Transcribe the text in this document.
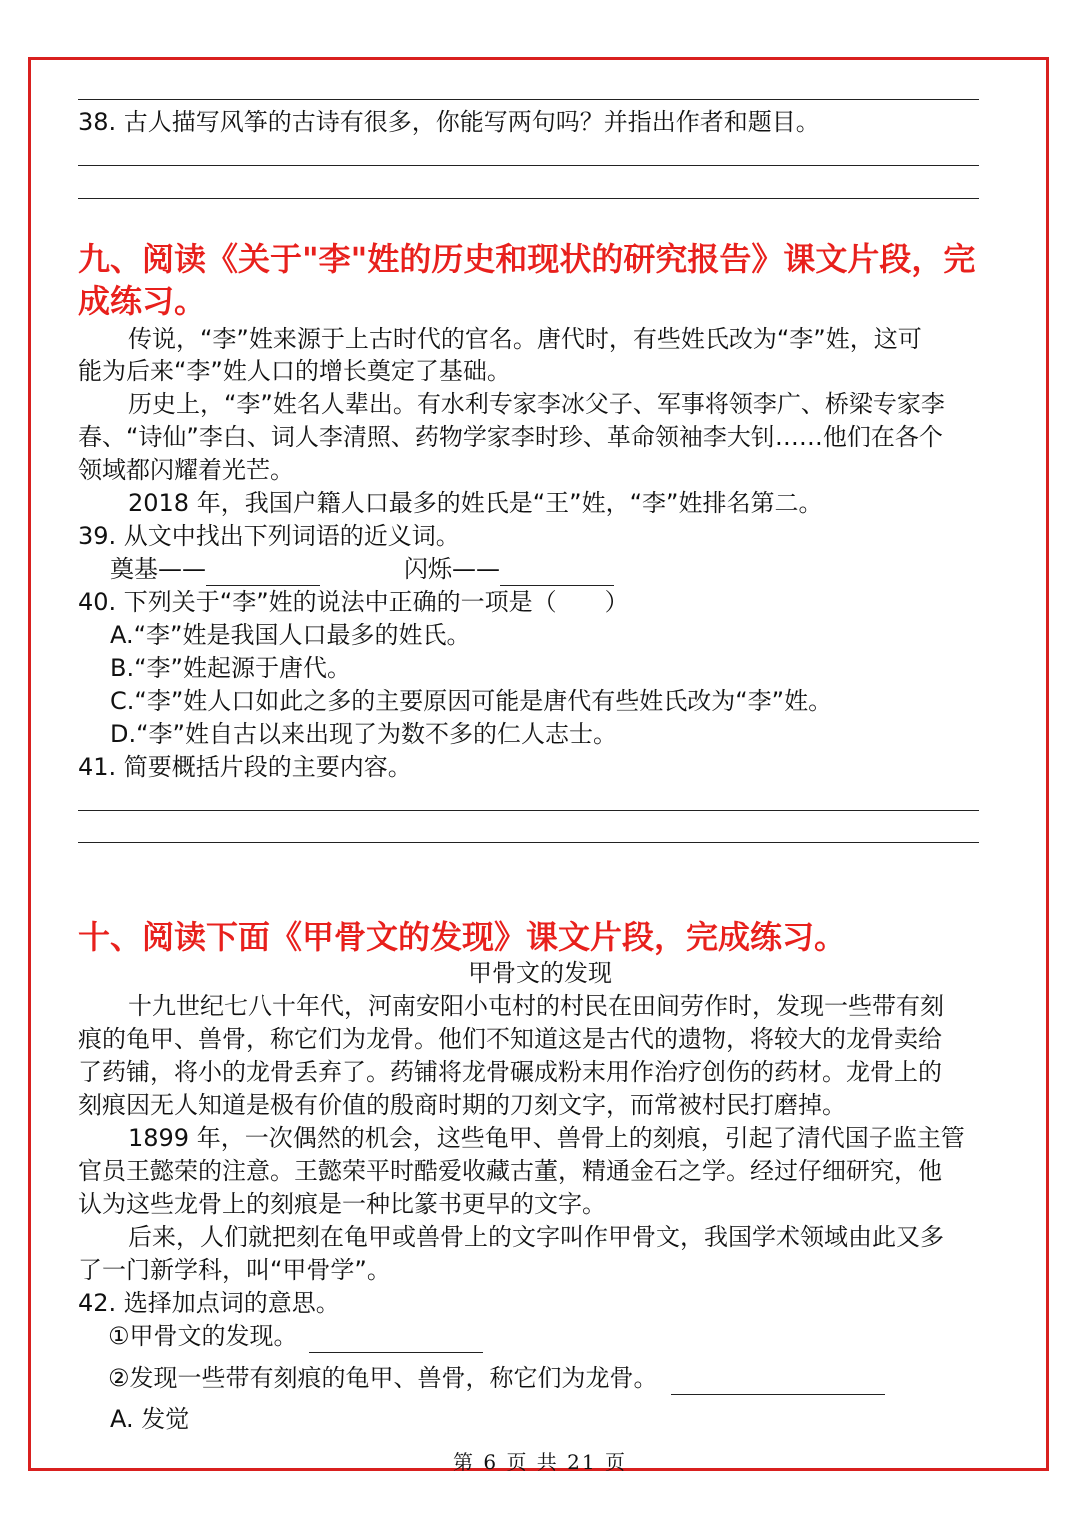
38. 古人描写风筝的古诗有很多，你能写两句吗？并指出作者和题目。
九、阅读《关于"李"姓的历史和现状的研究报告》课文片段，完
成练习。
传说，“李”姓来源于上古时代的官名。唐代时，有些姓氏改为“李”姓，这可
能为后来“李”姓人口的增长奠定了基础。
历史上，“李”姓名人辈出。有水利专家李冰父子、军事将领李广、桥梁专家李
春、“诗仙”李白、词人李清照、药物学家李时珍、革命领袖李大钊……他们在各个
领域都闪耀着光芒。
2018 年，我国户籍人口最多的姓氏是“王”姓，“李”姓排名第二。
39. 从文中找出下列词语的近义词。
奠基——	闪烁——
40. 下列关于“李”姓的说法中正确的一项是（　　）
A.“李”姓是我国人口最多的姓氏。
B.“李”姓起源于唐代。
C.“李”姓人口如此之多的主要原因可能是唐代有些姓氏改为“李”姓。
D.“李”姓自古以来出现了为数不多的仁人志士。
41. 简要概括片段的主要内容。
十、阅读下面《甲骨文的发现》课文片段，完成练习。
甲骨文的发现
十九世纪七八十年代，河南安阳小屯村的村民在田间劳作时，发现一些带有刻
痕的龟甲、兽骨，称它们为龙骨。他们不知道这是古代的遗物，将较大的龙骨卖给
了药铺，将小的龙骨丢弃了。药铺将龙骨碾成粉末用作治疗创伤的药材。龙骨上的
刻痕因无人知道是极有价值的殷商时期的刀刻文字，而常被村民打磨掉。
1899 年，一次偶然的机会，这些龟甲、兽骨上的刻痕，引起了清代国子监主管
官员王懿荣的注意。王懿荣平时酷爱收藏古董，精通金石之学。经过仔细研究，他
认为这些龙骨上的刻痕是一种比篆书更早的文字。
后来，人们就把刻在龟甲或兽骨上的文字叫作甲骨文，我国学术领域由此又多
了一门新学科，叫“甲骨学”。
42. 选择加点词的意思。
①甲骨文的发现。
②发现一些带有刻痕的龟甲、兽骨，称它们为龙骨。
A. 发觉
第 6 页 共 21 页
